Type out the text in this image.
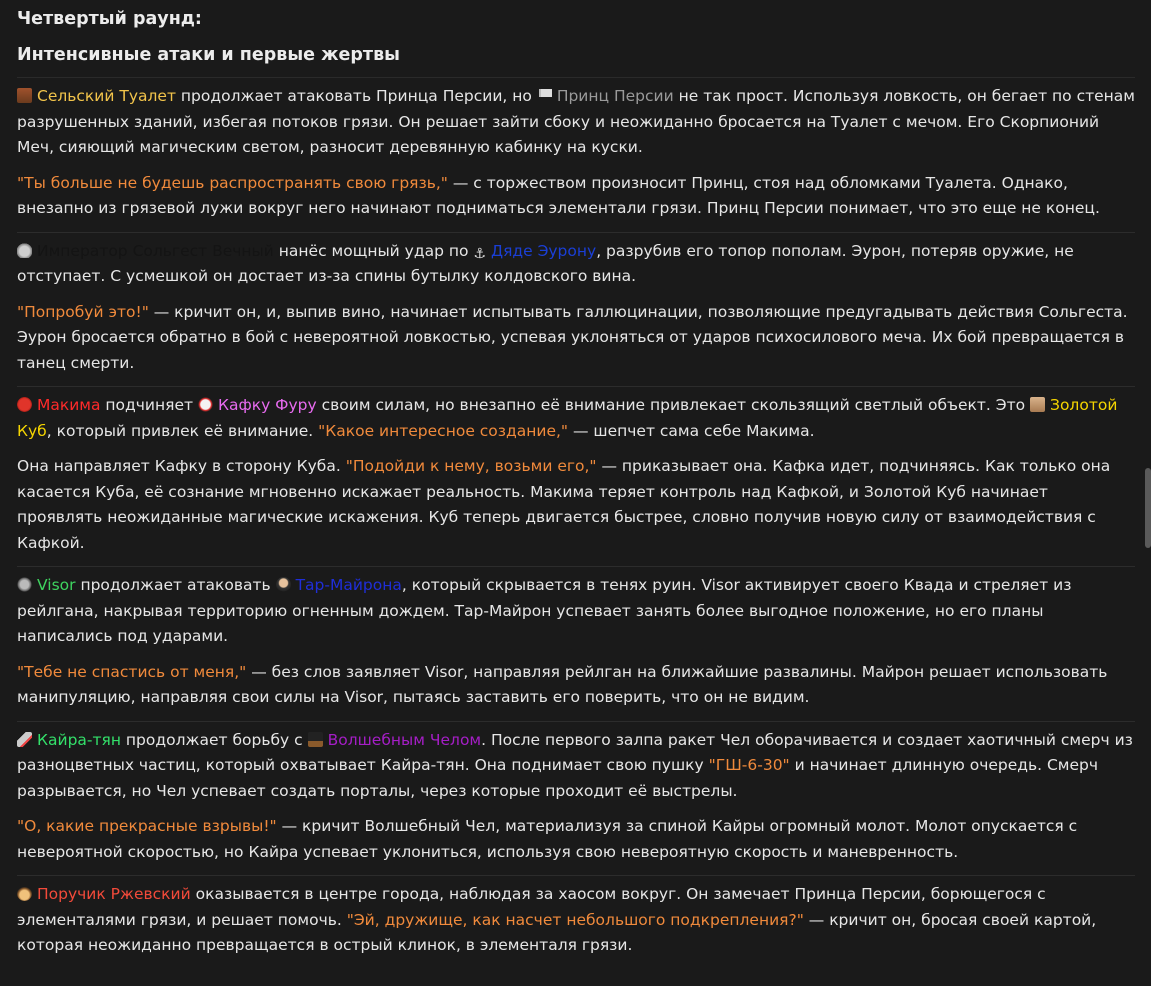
Четвертый раунд:
Интенсивные атаки и первые жертвы

Сельский Туалет продолжает атаковать Принца Персии, но Принц Персии не так прост. Используя ловкость, он бегает по стенам разрушенных зданий, избегая потоков грязи. Он решает зайти сбоку и неожиданно бросается на Туалет с мечом. Его Скорпионий Меч, сияющий магическим светом, разносит деревянную кабинку на куски.

"Ты больше не будешь распространять свою грязь," — с торжеством произносит Принц, стоя над обломками Туалета. Однако, внезапно из грязевой лужи вокруг него начинают подниматься элементали грязи. Принц Персии понимает, что это еще не конец.

Император Сольгест Вечный нанёс мощный удар по ⚓ Дяде Эурону, разрубив его топор пополам. Эурон, потеряв оружие, не отступает. С усмешкой он достает из-за спины бутылку колдовского вина.

"Попробуй это!" — кричит он, и, выпив вино, начинает испытывать галлюцинации, позволяющие предугадывать действия Сольгеста. Эурон бросается обратно в бой с невероятной ловкостью, успевая уклоняться от ударов психосилового меча. Их бой превращается в танец смерти.

Макима подчиняет Кафку Фуру своим силам, но внезапно её внимание привлекает скользящий светлый объект. Это Золотой Куб, который привлек её внимание. "Какое интересное создание," — шепчет сама себе Макима.

Она направляет Кафку в сторону Куба. "Подойди к нему, возьми его," — приказывает она. Кафка идет, подчиняясь. Как только она касается Куба, её сознание мгновенно искажает реальность. Макима теряет контроль над Кафкой, и Золотой Куб начинает проявлять неожиданные магические искажения. Куб теперь двигается быстрее, словно получив новую силу от взаимодействия с Кафкой.

Visor продолжает атаковать Тар-Майрона, который скрывается в тенях руин. Visor активирует своего Квада и стреляет из рейлгана, накрывая территорию огненным дождем. Тар-Майрон успевает занять более выгодное положение, но его планы написались под ударами.

"Тебе не спастись от меня," — без слов заявляет Visor, направляя рейлган на ближайшие развалины. Майрон решает использовать манипуляцию, направляя свои силы на Visor, пытаясь заставить его поверить, что он не видим.

Кайра-тян продолжает борьбу с Волшебным Челом. После первого залпа ракет Чел оборачивается и создает хаотичный смерч из разноцветных частиц, который охватывает Кайра-тян. Она поднимает свою пушку "ГШ-6-30" и начинает длинную очередь. Смерч разрывается, но Чел успевает создать порталы, через которые проходит её выстрелы.

"О, какие прекрасные взрывы!" — кричит Волшебный Чел, материализуя за спиной Кайры огромный молот. Молот опускается с невероятной скоростью, но Кайра успевает уклониться, используя свою невероятную скорость и маневренность.

Поручик Ржевский оказывается в центре города, наблюдая за хаосом вокруг. Он замечает Принца Персии, борющегося с элементалями грязи, и решает помочь. "Эй, дружище, как насчет небольшого подкрепления?" — кричит он, бросая своей картой, которая неожиданно превращается в острый клинок, в элементаля грязи.
